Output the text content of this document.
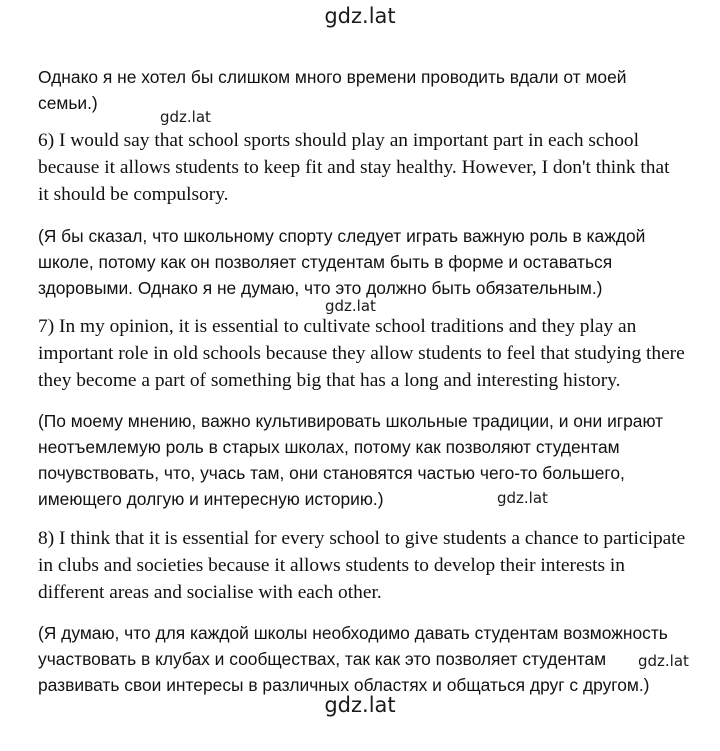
gdz.lat
Однако я не хотел бы слишком много времени проводить вдали от моей
семьи.)
gdz.lat
6) I would say that school sports should play an important part in each school
because it allows students to keep fit and stay healthy. However, I don't think that
it should be compulsory.
(Я бы сказал, что школьному спорту следует играть важную роль в каждой
школе, потому как он позволяет студентам быть в форме и оставаться
здоровыми. Однако я не думаю, что это должно быть обязательным.)
gdz.lat
7) In my opinion, it is essential to cultivate school traditions and they play an
important role in old schools because they allow students to feel that studying there
they become a part of something big that has a long and interesting history.
(По моему мнению, важно культивировать школьные традиции, и они играют
неотъемлемую роль в старых школах, потому как позволяют студентам
почувствовать, что, учась там, они становятся частью чего-то большего,
имеющего долгую и интересную историю.)	gdz.lat
8) I think that it is essential for every school to give students a chance to participate
in clubs and societies because it allows students to develop their interests in
different areas and socialise with each other.
(Я думаю, что для каждой школы необходимо давать студентам возможность
участвовать в клубах и сообществах, так как это позволяет студентам
развивать свои интересы в различных областях и общаться друг с другом.)
gdz.lat
gdz.lat
